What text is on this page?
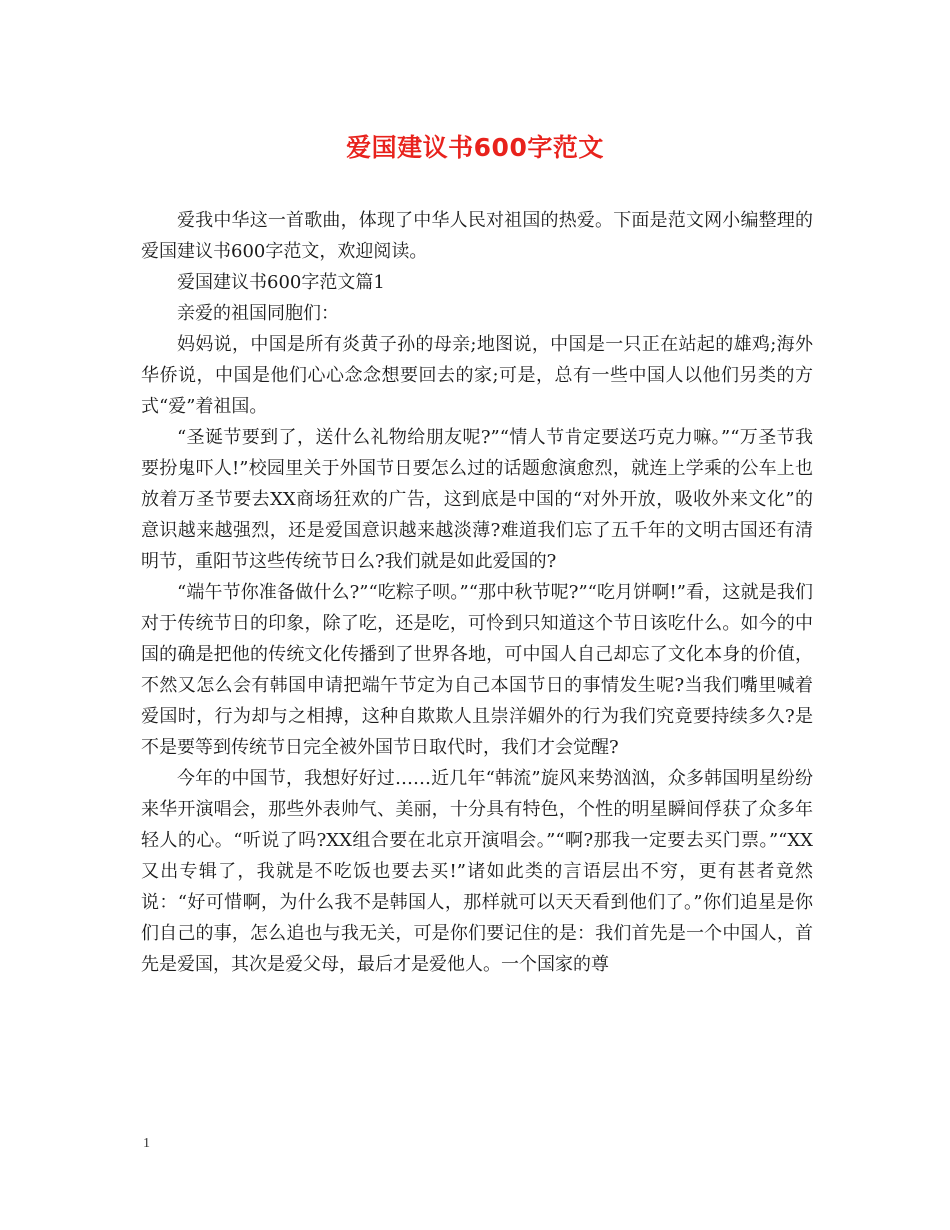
爱国建议书600字范文

爱我中华这一首歌曲，体现了中华人民对祖国的热爱。下面是范文网小编整理的爱国建议书600字范文，欢迎阅读。

爱国建议书600字范文篇1

亲爱的祖国同胞们：

妈妈说，中国是所有炎黄子孙的母亲;地图说，中国是一只正在站起的雄鸡;海外华侨说，中国是他们心心念念想要回去的家;可是，总有一些中国人以他们另类的方式“爱”着祖国。

“圣诞节要到了，送什么礼物给朋友呢?”“情人节肯定要送巧克力嘛。”“万圣节我要扮鬼吓人!”校园里关于外国节日要怎么过的话题愈演愈烈，就连上学乘的公车上也放着万圣节要去XX商场狂欢的广告，这到底是中国的“对外开放，吸收外来文化”的意识越来越强烈，还是爱国意识越来越淡薄?难道我们忘了五千年的文明古国还有清明节，重阳节这些传统节日么?我们就是如此爱国的?

“端午节你准备做什么?”“吃粽子呗。”“那中秋节呢?”“吃月饼啊!”看，这就是我们对于传统节日的印象，除了吃，还是吃，可怜到只知道这个节日该吃什么。如今的中国的确是把他的传统文化传播到了世界各地，可中国人自己却忘了文化本身的价值，不然又怎么会有韩国申请把端午节定为自己本国节日的事情发生呢?当我们嘴里喊着爱国时，行为却与之相搏，这种自欺欺人且崇洋媚外的行为我们究竟要持续多久?是不是要等到传统节日完全被外国节日取代时，我们才会觉醒?

今年的中国节，我想好好过……近几年“韩流”旋风来势汹汹，众多韩国明星纷纷来华开演唱会，那些外表帅气、美丽，十分具有特色，个性的明星瞬间俘获了众多年轻人的心。“听说了吗?XX组合要在北京开演唱会。”“啊?那我一定要去买门票。”“XX又出专辑了，我就是不吃饭也要去买!”诸如此类的言语层出不穷，更有甚者竟然说：“好可惜啊，为什么我不是韩国人，那样就可以天天看到他们了。”你们追星是你们自己的事，怎么追也与我无关，可是你们要记住的是：我们首先是一个中国人，首先是爱国，其次是爱父母，最后才是爱他人。一个国家的尊

1
